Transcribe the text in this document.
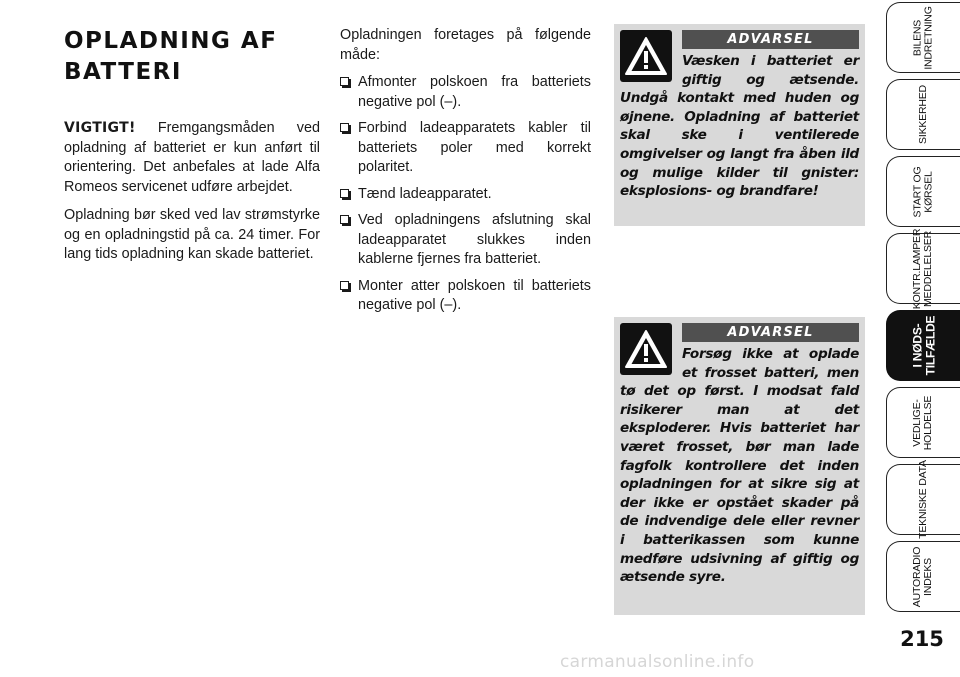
OPLADNING AF
BATTERI

VIGTIGT! Fremgangsmåden ved opladning af batteriet er kun anført til orientering. Det anbefales at lade Alfa Romeos servicenet udføre arbejdet.

Opladning bør sked ved lav strømstyrke og en opladningstid på ca. 24 timer. For lang tids opladning kan skade batteriet.

Opladningen foretages på følgende måde:

Afmonter polskoen fra batteriets negative pol (–).
Forbind ladeapparatets kabler til batteriets poler med korrekt polaritet.
Tænd ladeapparatet.
Ved opladningens afslutning skal ladeapparatet slukkes inden kablerne fjernes fra batteriet.
Monter atter polskoen til batteriets negative pol (–).
ADVARSEL

Væsken i batteriet er giftig og ætsende. Undgå kontakt med huden og øjnene. Opladning af batteriet skal ske i ventilerede omgivelser og langt fra åben ild og mulige kilder til gnister: eksplosions- og brandfare!

ADVARSEL

Forsøg ikke at oplade et frosset batteri, men tø det op først. I modsat fald risikerer man at det eksploderer. Hvis batteriet har været frosset, bør man lade fagfolk kontrollere det inden opladningen for at sikre sig at der ikke er opstået skader på de indvendige dele eller revner i batterikassen som kunne medføre udsivning af giftig og ætsende syre.

BILENS
INDRETNING
SIKKERHED
START OG
KØRSEL
KONTR.LAMPER
MEDDELELSER
I NØDS-
TILFÆLDE
VEDLIGE-
HOLDELSE
TEKNISKE DATA
AUTORADIO
INDEKS
215
carmanualsonline.info
